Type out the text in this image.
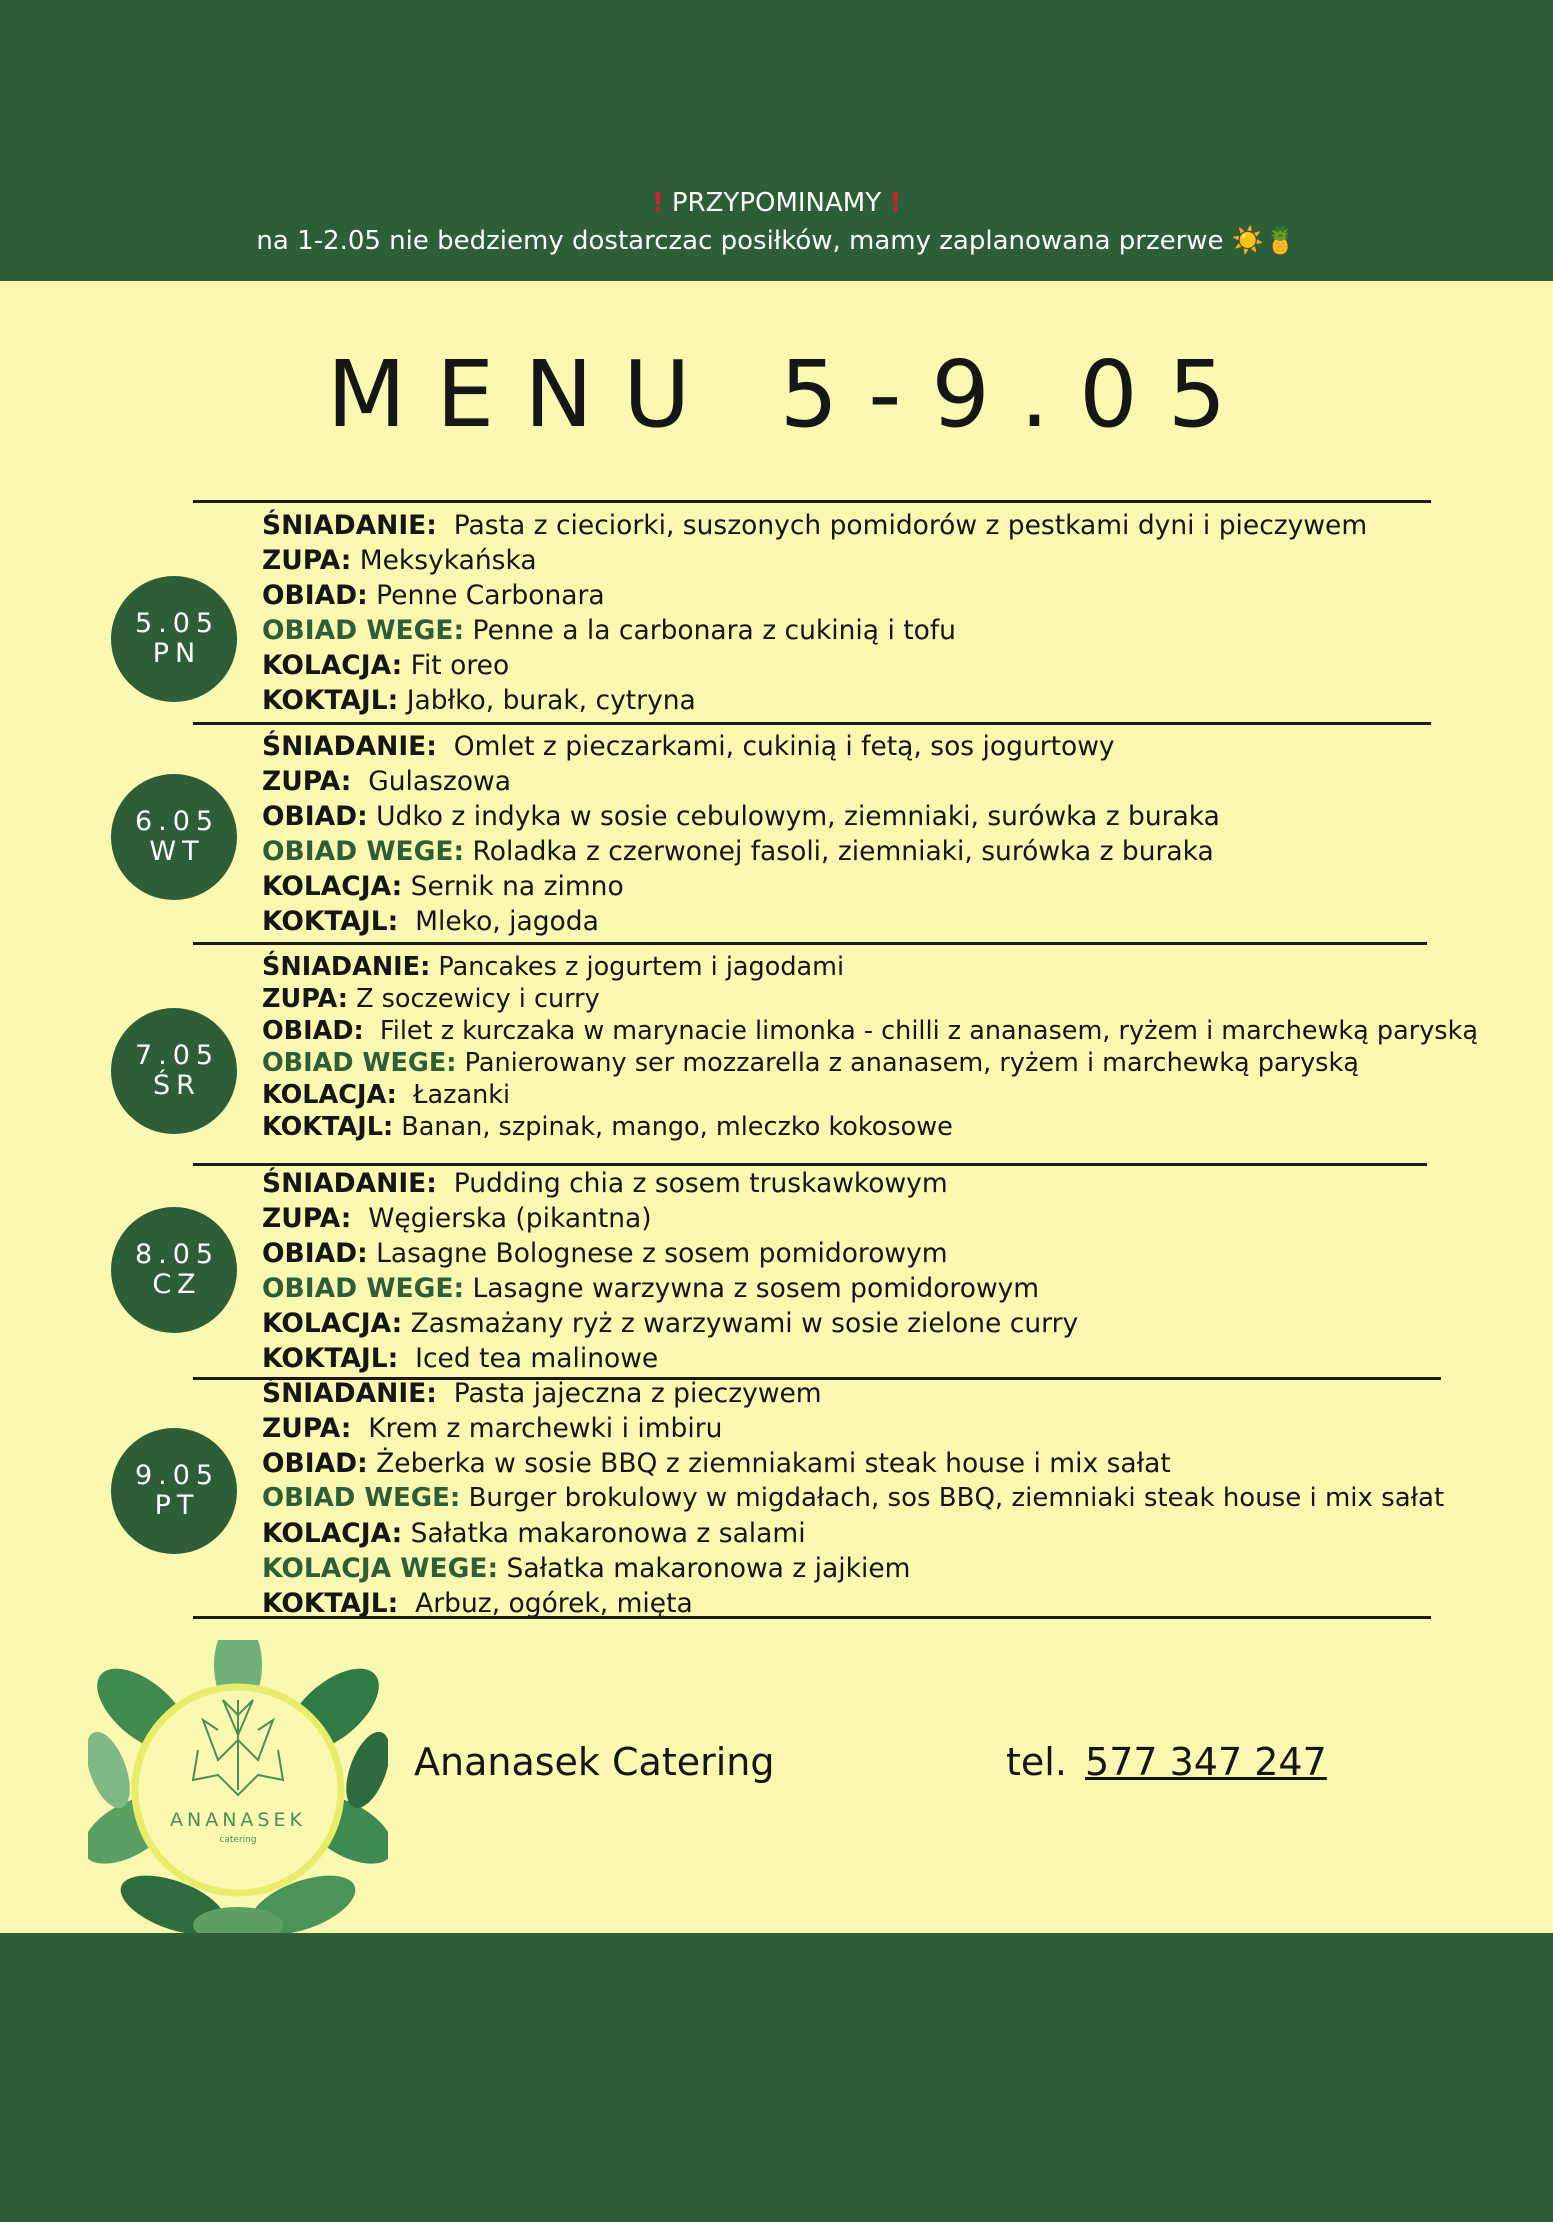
! PRZYPOMINAMY !
na 1-2.05 nie bedziemy dostarczac posiłków, mamy zaplanowana przerwe ☀️🍍
MENU 5-9.05
5.05
PN
ŚNIADANIE: Pasta z cieciorki, suszonych pomidorów z pestkami dyni i pieczywem
ZUPA: Meksykańska
OBIAD: Penne Carbonara
OBIAD WEGE: Penne a la carbonara z cukinią i tofu
KOLACJA: Fit oreo
KOKTAJL: Jabłko, burak, cytryna
6.05
WT
ŚNIADANIE: Omlet z pieczarkami, cukinią i fetą, sos jogurtowy
ZUPA: Gulaszowa
OBIAD: Udko z indyka w sosie cebulowym, ziemniaki, surówka z buraka
OBIAD WEGE: Roladka z czerwonej fasoli, ziemniaki, surówka z buraka
KOLACJA: Sernik na zimno
KOKTAJL: Mleko, jagoda
7.05
ŚR
ŚNIADANIE: Pancakes z jogurtem i jagodami
ZUPA: Z soczewicy i curry
OBIAD: Filet z kurczaka w marynacie limonka - chilli z ananasem, ryżem i marchewką paryską
OBIAD WEGE: Panierowany ser mozzarella z ananasem, ryżem i marchewką paryską
KOLACJA: Łazanki
KOKTAJL: Banan, szpinak, mango, mleczko kokosowe
8.05
CZ
ŚNIADANIE: Pudding chia z sosem truskawkowym
ZUPA: Węgierska (pikantna)
OBIAD: Lasagne Bolognese z sosem pomidorowym
OBIAD WEGE: Lasagne warzywna z sosem pomidorowym
KOLACJA: Zasmażany ryż z warzywami w sosie zielone curry
KOKTAJL: Iced tea malinowe
9.05
PT
ŚNIADANIE: Pasta jajeczna z pieczywem
ZUPA: Krem z marchewki i imbiru
OBIAD: Żeberka w sosie BBQ z ziemniakami steak house i mix sałat
OBIAD WEGE: Burger brokulowy w migdałach, sos BBQ, ziemniaki steak house i mix sałat
KOLACJA: Sałatka makaronowa z salami
KOLACJA WEGE: Sałatka makaronowa z jajkiem
KOKTAJL: Arbuz, ogórek, mięta
ANANASEK
catering
Ananasek Catering	tel. 577 347 247
